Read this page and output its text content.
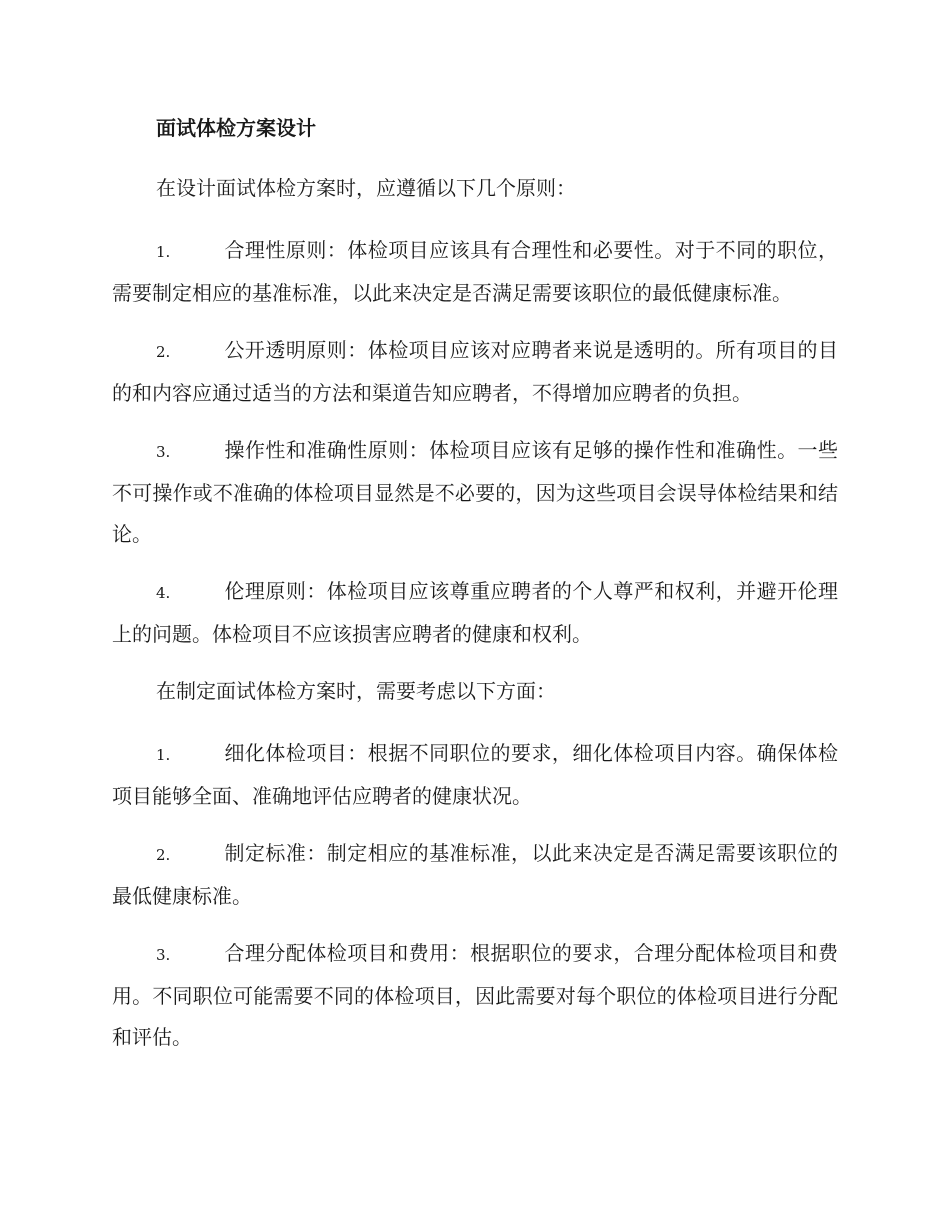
面试体检方案设计

在设计面试体检方案时，应遵循以下几个原则：

1.	合理性原则：体检项目应该具有合理性和必要性。对于不同的职位，需要制定相应的基准标准，以此来决定是否满足需要该职位的最低健康标准。

2.	公开透明原则：体检项目应该对应聘者来说是透明的。所有项目的目的和内容应通过适当的方法和渠道告知应聘者，不得增加应聘者的负担。

3.	操作性和准确性原则：体检项目应该有足够的操作性和准确性。一些不可操作或不准确的体检项目显然是不必要的，因为这些项目会误导体检结果和结论。

4.	伦理原则：体检项目应该尊重应聘者的个人尊严和权利，并避开伦理上的问题。体检项目不应该损害应聘者的健康和权利。

在制定面试体检方案时，需要考虑以下方面：

1.	细化体检项目：根据不同职位的要求，细化体检项目内容。确保体检项目能够全面、准确地评估应聘者的健康状况。

2.	制定标准：制定相应的基准标准，以此来决定是否满足需要该职位的最低健康标准。

3.	合理分配体检项目和费用：根据职位的要求，合理分配体检项目和费用。不同职位可能需要不同的体检项目，因此需要对每个职位的体检项目进行分配和评估。
